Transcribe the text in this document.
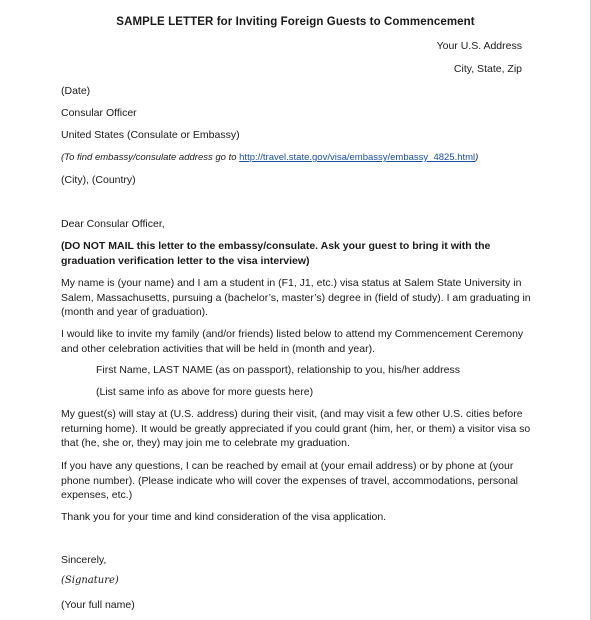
SAMPLE LETTER for Inviting Foreign Guests to Commencement
Your U.S. Address
City, State, Zip
(Date)
Consular Officer
United States (Consulate or Embassy)
(To find embassy/consulate address go to http://travel.state.gov/visa/embassy/embassy_4825.html)
(City), (Country)
Dear Consular Officer,
(DO NOT MAIL this letter to the embassy/consulate. Ask your guest to bring it with the graduation verification letter to the visa interview)
My name is (your name) and I am a student in (F1, J1, etc.) visa status at Salem State University in Salem, Massachusetts, pursuing a (bachelor’s, master’s) degree in (field of study). I am graduating in (month and year of graduation).
I would like to invite my family (and/or friends) listed below to attend my Commencement Ceremony and other celebration activities that will be held in (month and year).
First Name, LAST NAME (as on passport), relationship to you, his/her address
(List same info as above for more guests here)
My guest(s) will stay at (U.S. address) during their visit, (and may visit a few other U.S. cities before returning home). It would be greatly appreciated if you could grant (him, her, or them) a visitor visa so that (he, she or, they) may join me to celebrate my graduation.
If you have any questions, I can be reached by email at (your email address) or by phone at (your phone number). (Please indicate who will cover the expenses of travel, accommodations, personal expenses, etc.)
Thank you for your time and kind consideration of the visa application.
Sincerely,
(Signature)
(Your full name)
